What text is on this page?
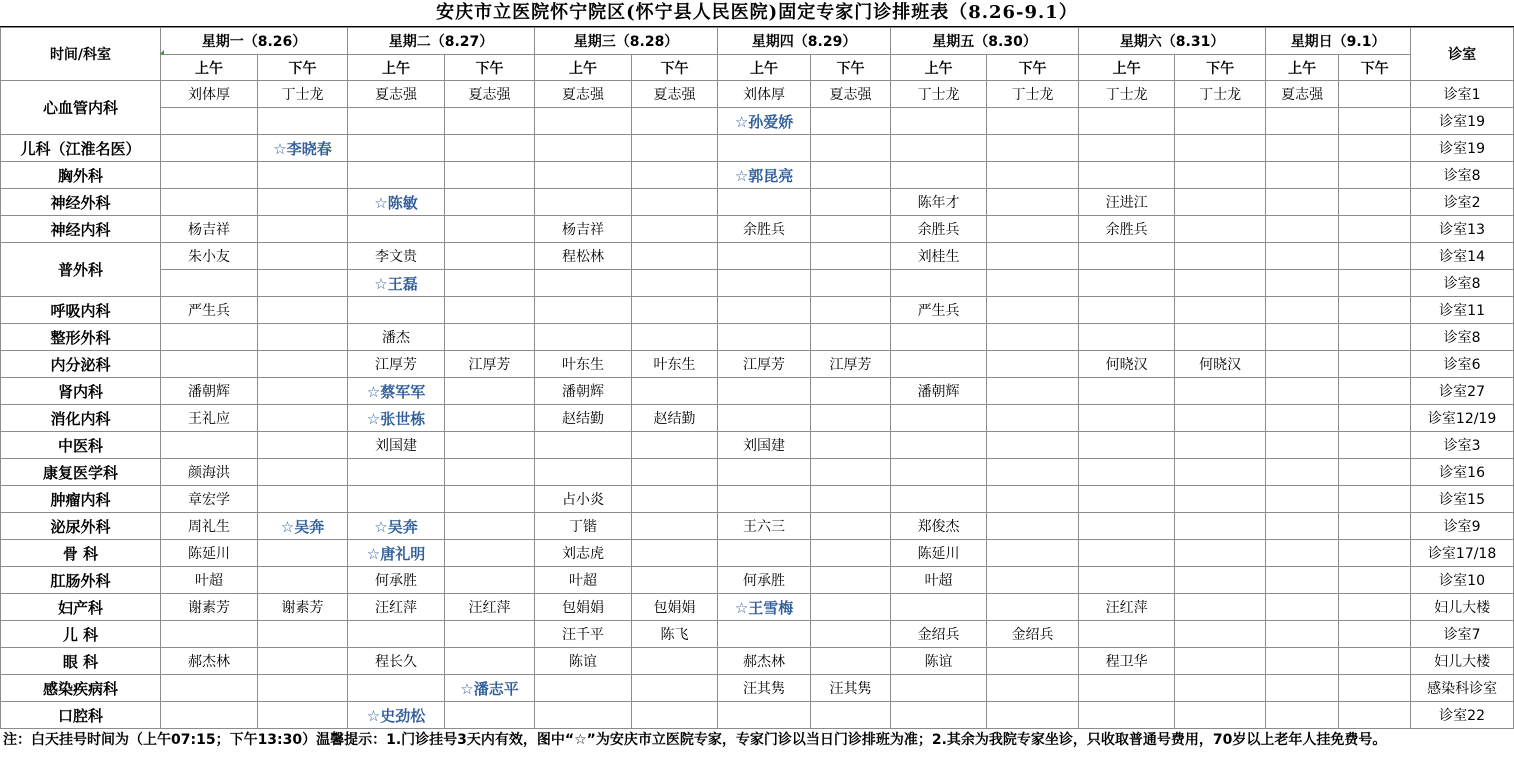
安庆市立医院怀宁院区(怀宁县人民医院)固定专家门诊排班表（8.26-9.1）
时间/科室	星期一（8.26）		星期二（8.27）		星期三（8.28）		星期四（8.29）		星期五（8.30）		星期六（8.31）		星期日（9.1）		诊室
	上午	下午	上午	下午	上午	下午	上午	下午	上午	下午	上午	下午	上午	下午	
心血管内科	刘体厚	丁士龙	夏志强	夏志强	夏志强	夏志强	刘体厚	夏志强	丁士龙	丁士龙	丁士龙	丁士龙	夏志强		诊室1
							☆孙爱娇								诊室19
儿科（江淮名医）		☆李晓春													诊室19
胸外科							☆郭昆亮								诊室8
神经外科			☆陈敏						陈年才		汪进江				诊室2
神经内科	杨吉祥				杨吉祥		余胜兵		余胜兵		余胜兵				诊室13
普外科	朱小友		李文贵		程松林				刘桂生						诊室14
			☆王磊												诊室8
呼吸内科	严生兵								严生兵						诊室11
整形外科			潘杰												诊室8
内分泌科			江厚芳	江厚芳	叶东生	叶东生	江厚芳	江厚芳			何晓汉	何晓汉			诊室6
肾内科	潘朝辉		☆蔡军军		潘朝辉				潘朝辉						诊室27
消化内科	王礼应		☆张世栋		赵结勤	赵结勤									诊室12/19
中医科			刘国建				刘国建								诊室3
康复医学科	颜海洪														诊室16
肿瘤内科	章宏学				占小炎										诊室15
泌尿外科	周礼生	☆吴奔	☆吴奔		丁锴		王六三		郑俊杰						诊室9
骨 科	陈延川		☆唐礼明		刘志虎				陈延川						诊室17/18
肛肠外科	叶超		何承胜		叶超		何承胜		叶超						诊室10
妇产科	谢素芳	谢素芳	汪红萍	汪红萍	包娟娟	包娟娟	☆王雪梅				汪红萍				妇儿大楼
儿 科					汪千平	陈飞			金绍兵	金绍兵					诊室7
眼 科	郝杰林		程长久		陈谊		郝杰林		陈谊		程卫华				妇儿大楼
感染疾病科				☆潘志平			汪其隽	汪其隽							感染科诊室
口腔科			☆史劲松												诊室22
注：白天挂号时间为（上午07:15；下午13:30）温馨提示：1.门诊挂号3天内有效，图中“☆”为安庆市立医院专家，专家门诊以当日门诊排班为准；2.其余为我院专家坐诊，只收取普通号费用，70岁以上老年人挂免费号。
